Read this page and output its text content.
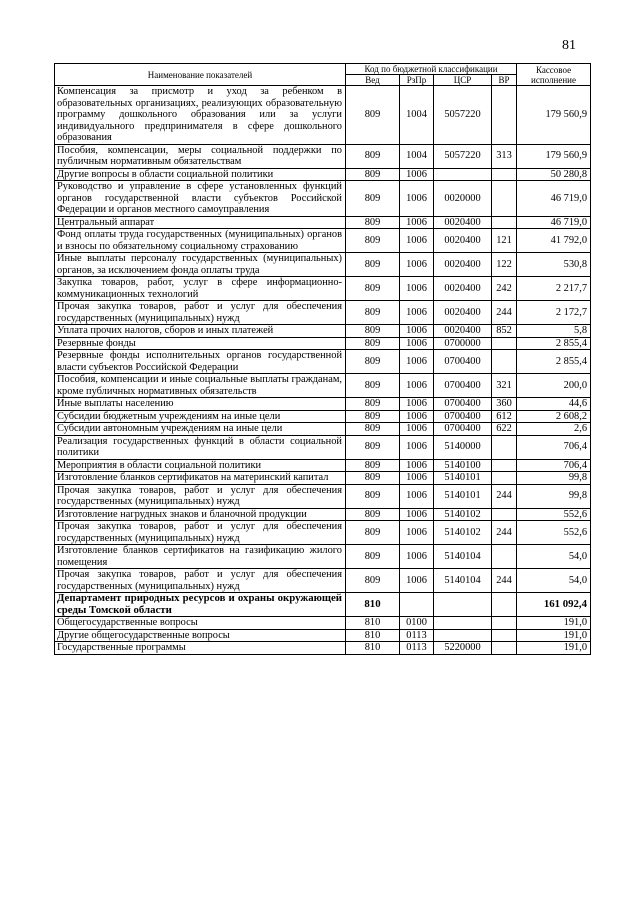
81
Наименование показателей	Код по бюджетной классификации				Кассовое исполнение
	Вед	РзПр	ЦСР	ВР	
Компенсация за присмотр и уход за ребенком в образовательных организациях, реализующих образовательную программу дошкольного образования или за услуги индивидуального предпринимателя в сфере дошкольного образования	809	1004	5057220		179 560,9
Пособия, компенсации, меры социальной поддержки по публичным нормативным обязательствам	809	1004	5057220	313	179 560,9
Другие вопросы в области социальной политики	809	1006			50 280,8
Руководство и управление в сфере установленных функций органов государственной власти субъектов Российской Федерации и органов местного самоуправления	809	1006	0020000		46 719,0
Центральный аппарат	809	1006	0020400		46 719,0
Фонд оплаты труда государственных (муниципальных) органов и взносы по обязательному социальному страхованию	809	1006	0020400	121	41 792,0
Иные выплаты персоналу государственных (муниципальных) органов, за исключением фонда оплаты труда	809	1006	0020400	122	530,8
Закупка товаров, работ, услуг в сфере информационно-коммуникационных технологий	809	1006	0020400	242	2 217,7
Прочая закупка товаров, работ и услуг для обеспечения государственных (муниципальных) нужд	809	1006	0020400	244	2 172,7
Уплата прочих налогов, сборов и иных платежей	809	1006	0020400	852	5,8
Резервные фонды	809	1006	0700000		2 855,4
Резервные фонды исполнительных органов государственной власти субъектов Российской Федерации	809	1006	0700400		2 855,4
Пособия, компенсации и иные социальные выплаты гражданам, кроме публичных нормативных обязательств	809	1006	0700400	321	200,0
Иные выплаты населению	809	1006	0700400	360	44,6
Субсидии бюджетным учреждениям на иные цели	809	1006	0700400	612	2 608,2
Субсидии автономным учреждениям на иные цели	809	1006	0700400	622	2,6
Реализация государственных функций в области социальной политики	809	1006	5140000		706,4
Мероприятия в области социальной политики	809	1006	5140100		706,4
Изготовление бланков сертификатов на материнский капитал	809	1006	5140101		99,8
Прочая закупка товаров, работ и услуг для обеспечения государственных (муниципальных) нужд	809	1006	5140101	244	99,8
Изготовление нагрудных знаков и бланочной продукции	809	1006	5140102		552,6
Прочая закупка товаров, работ и услуг для обеспечения государственных (муниципальных) нужд	809	1006	5140102	244	552,6
Изготовление бланков сертификатов на газификацию жилого помещения	809	1006	5140104		54,0
Прочая закупка товаров, работ и услуг для обеспечения государственных (муниципальных) нужд	809	1006	5140104	244	54,0
Департамент природных ресурсов и охраны окружающей среды Томской области	810				161 092,4
Общегосударственные вопросы	810	0100			191,0
Другие общегосударственные вопросы	810	0113			191,0
Государственные программы	810	0113	5220000		191,0
